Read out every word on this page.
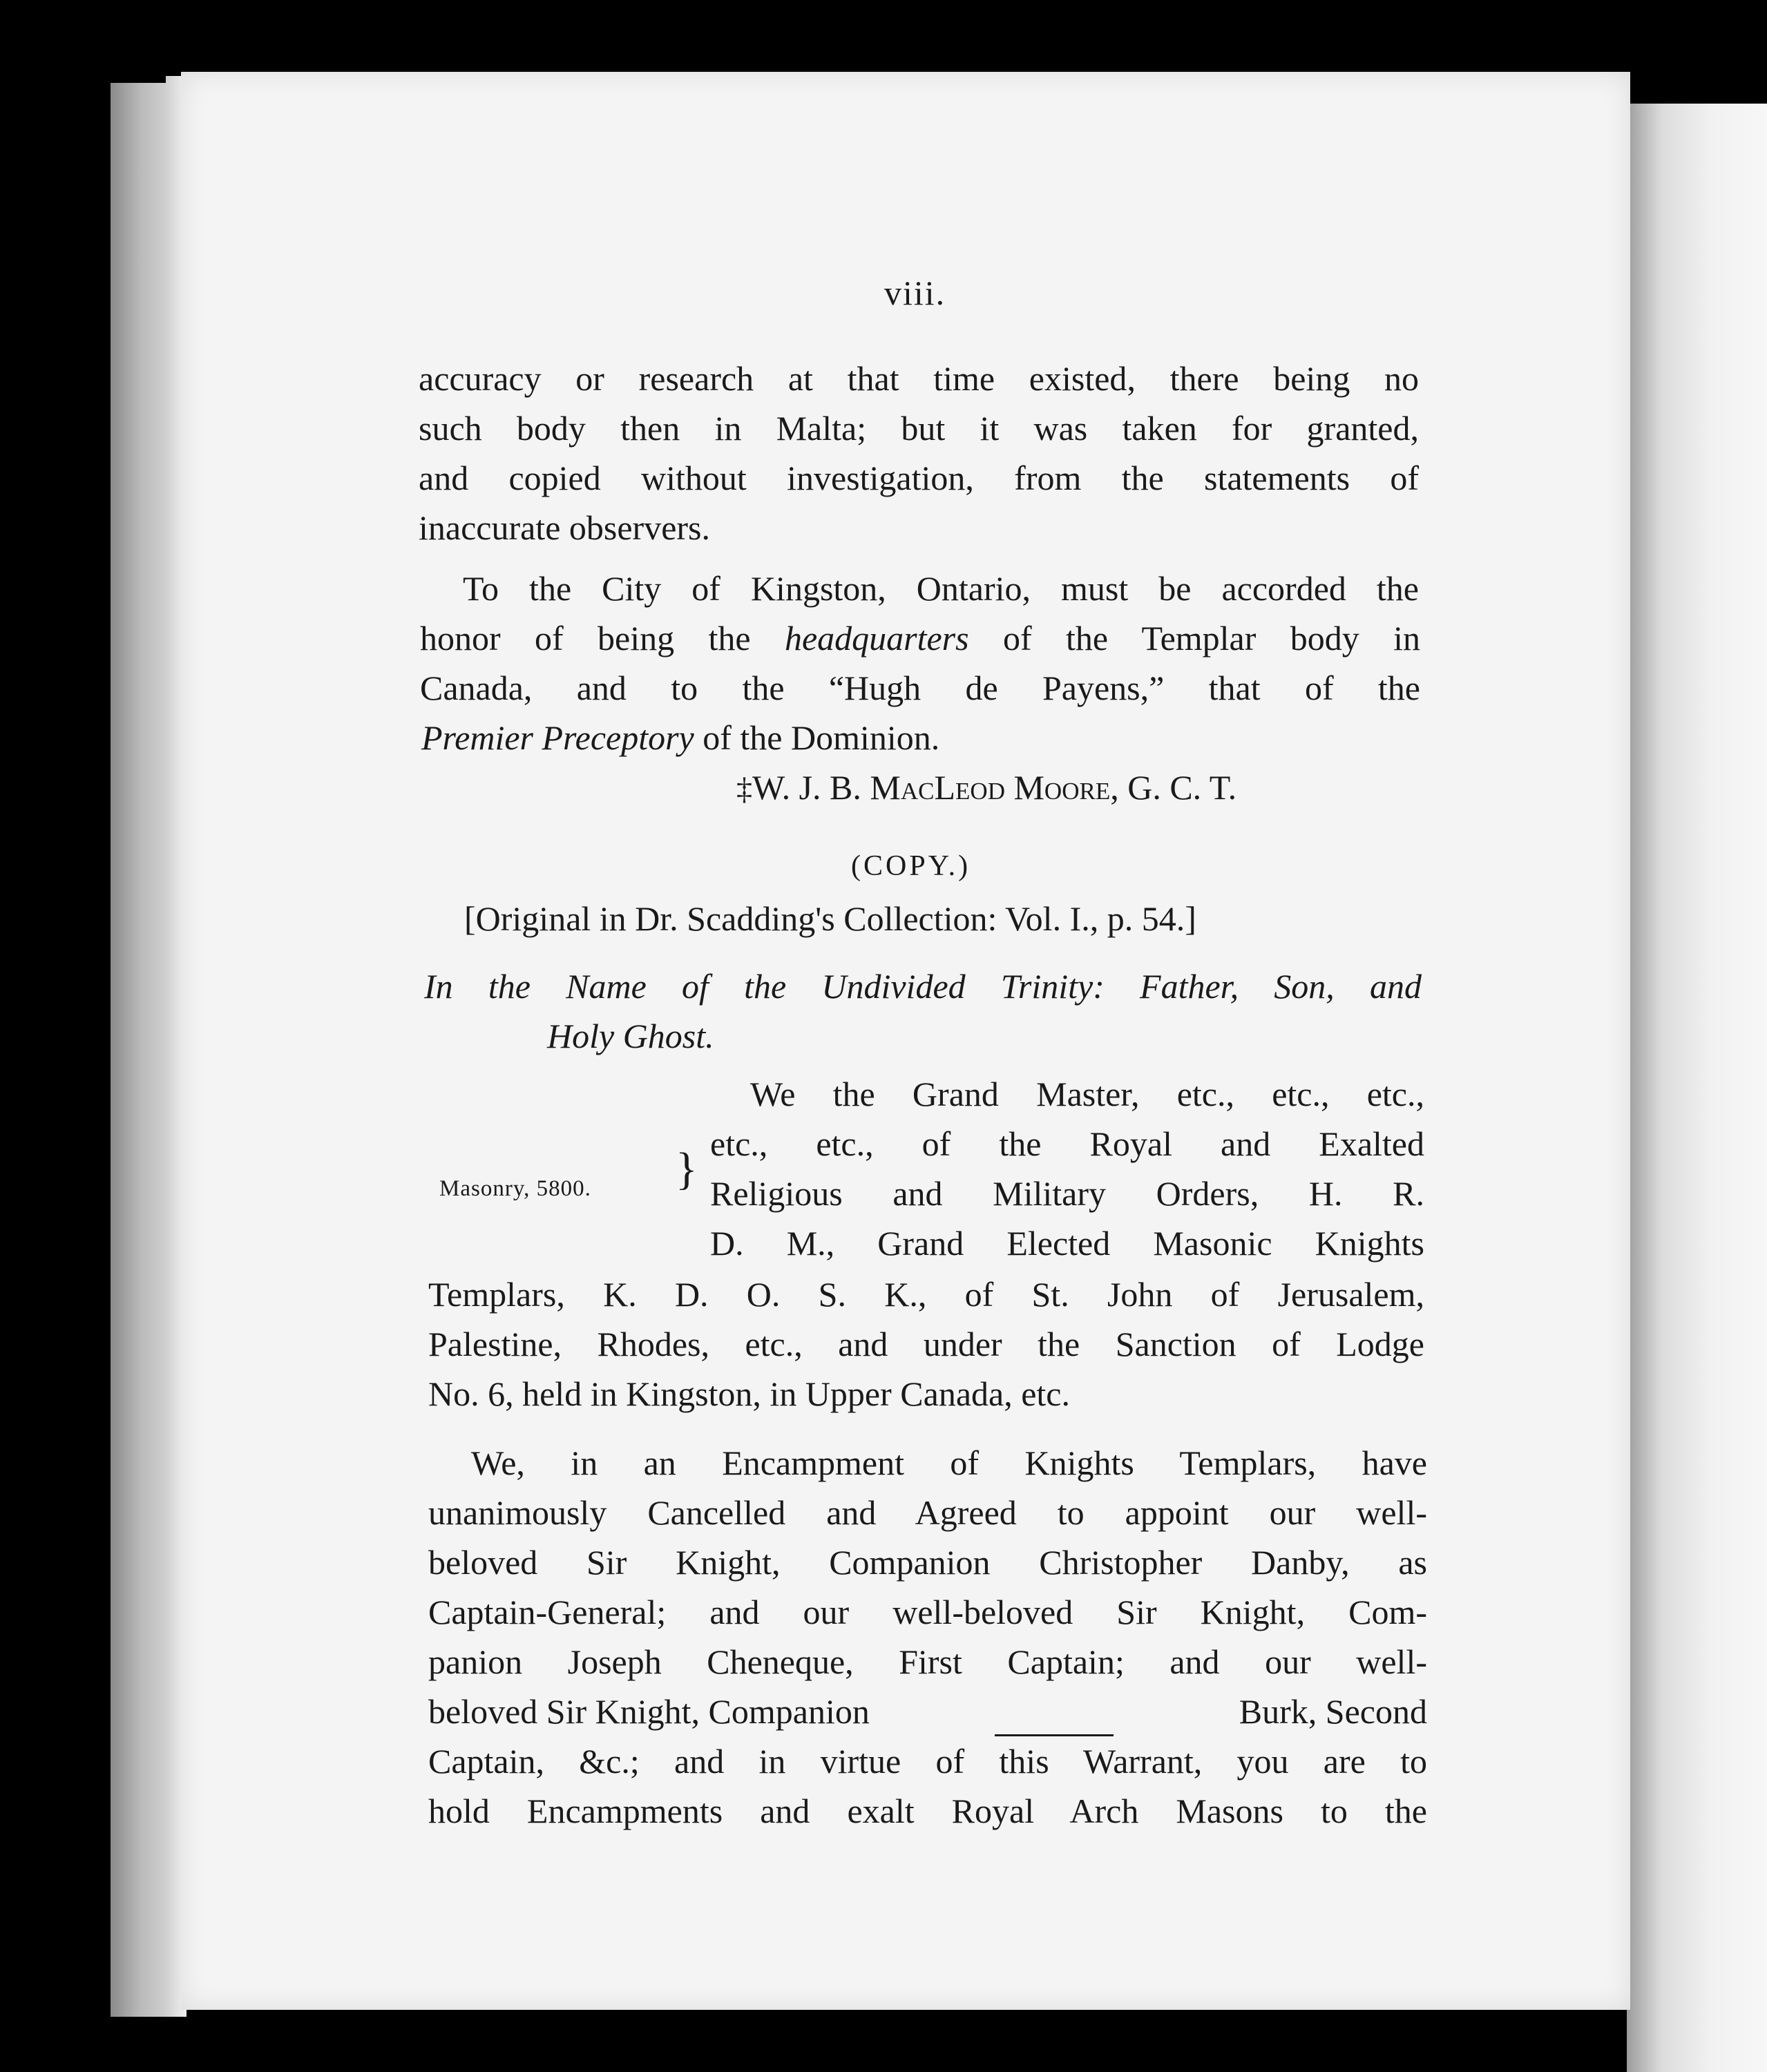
viii.
accuracy or research at that time existed, there being no
such body then in Malta; but it was taken for granted,
and copied without investigation, from the statements of
inaccurate observers.
To the City of Kingston, Ontario, must be accorded the
honor of being the headquarters of the Templar body in
Canada, and to the “Hugh de Payens,” that of the
Premier Preceptory of the Dominion.
‡W. J. B. MacLeod Moore, G. C. T.
(COPY.)
[Original in Dr. Scadding's Collection: Vol. I., p. 54.]
In the Name of the Undivided Trinity: Father, Son, and
Holy Ghost.
Masonry, 5800. }
We the Grand Master, etc., etc., etc.,
etc., etc., of the Royal and Exalted
Religious and Military Orders, H. R.
D. M., Grand Elected Masonic Knights
Templars, K. D. O. S. K., of St. John of Jerusalem,
Palestine, Rhodes, etc., and under the Sanction of Lodge
No. 6, held in Kingston, in Upper Canada, etc.
We, in an Encampment of Knights Templars, have
unanimously Cancelled and Agreed to appoint our well-
beloved Sir Knight, Companion Christopher Danby, as
Captain-General; and our well-beloved Sir Knight, Com-
panion Joseph Cheneque, First Captain; and our well-
beloved Sir Knight, Companion	Burk, Second
Captain, &c.; and in virtue of this Warrant, you are to
hold Encampments and exalt Royal Arch Masons to the
